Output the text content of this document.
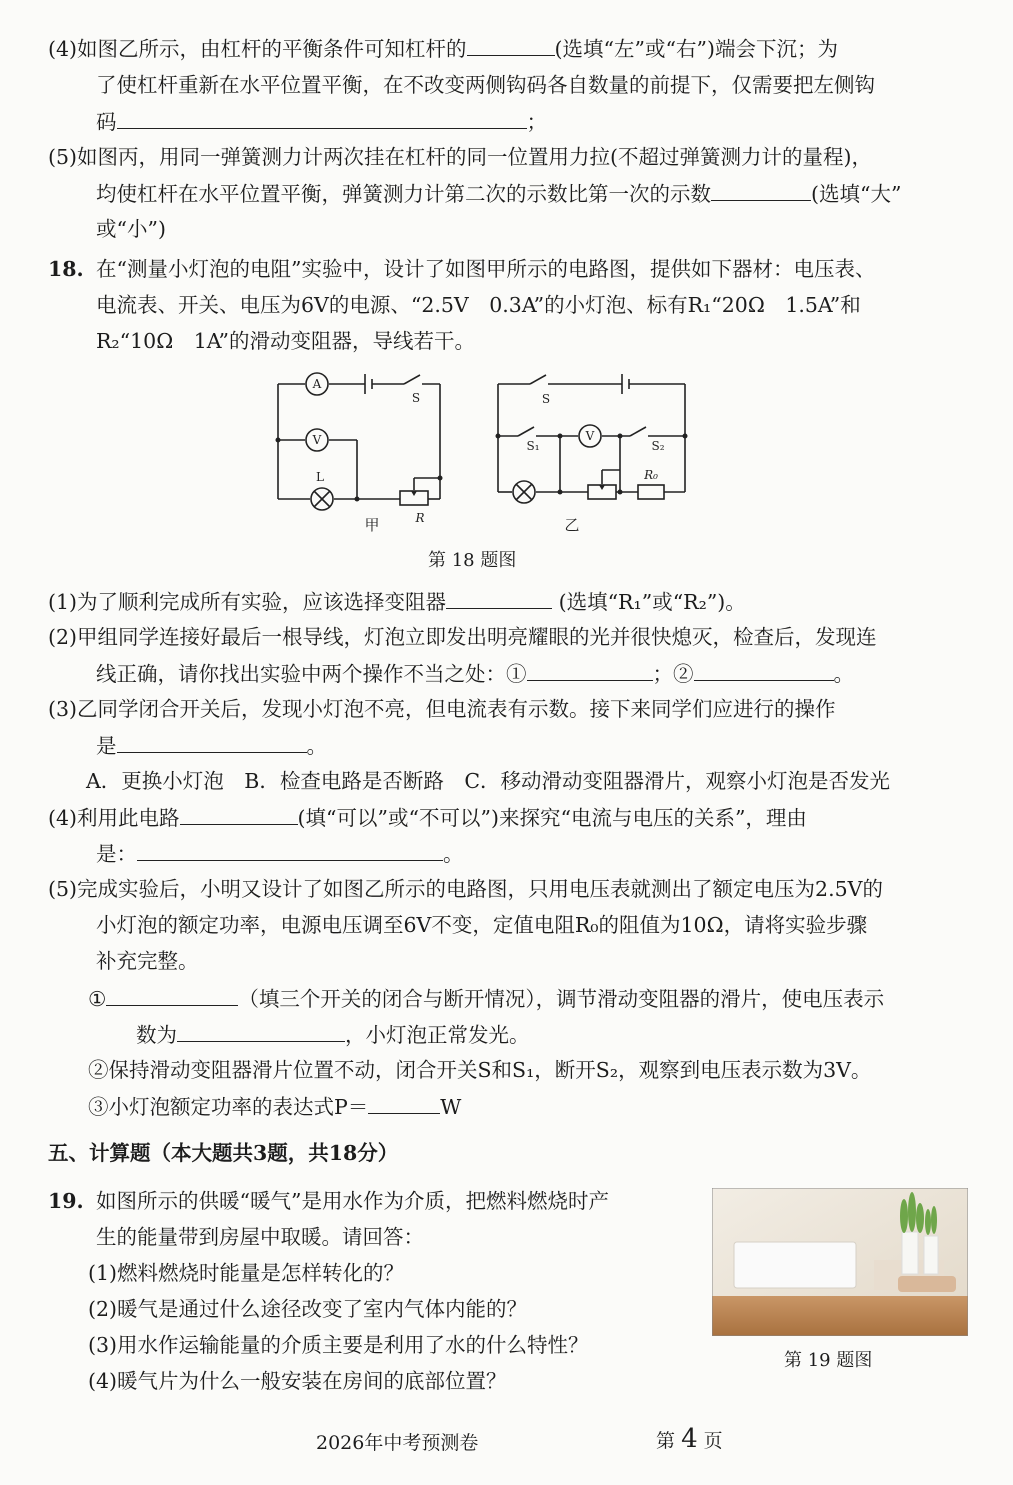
(4)如图乙所示，由杠杆的平衡条件可知杠杆的	(选填“左”或“右”)端会下沉；为
了使杠杆重新在水平位置平衡，在不改变两侧钩码各自数量的前提下，仅需要把左侧钩
码	；
(5)如图丙，用同一弹簧测力计两次挂在杠杆的同一位置用力拉(不超过弹簧测力计的量程)，
均使杠杆在水平位置平衡，弹簧测力计第二次的示数比第一次的示数	(选填“大”
或“小”)
18. 在“测量小灯泡的电阻”实验中，设计了如图甲所示的电路图，提供如下器材：电压表、
电流表、开关、电压为6V的电源、“2.5V　0.3A”的小灯泡、标有R₁“20Ω　1.5A”和
R₂“10Ω　1A”的滑动变阻器，导线若干。
A
V
S
L
R
甲
V
S
S₁	S₂
R₀
乙
第 18 题图
(1)为了顺利完成所有实验，应该选择变阻器	(选填“R₁”或“R₂”)。
(2)甲组同学连接好最后一根导线，灯泡立即发出明亮耀眼的光并很快熄灭，检查后，发现连
线正确，请你找出实验中两个操作不当之处：①	；②	。
(3)乙同学闭合开关后，发现小灯泡不亮，但电流表有示数。接下来同学们应进行的操作
是	。
A．更换小灯泡　B．检查电路是否断路　C．移动滑动变阻器滑片，观察小灯泡是否发光
(4)利用此电路	(填“可以”或“不可以”)来探究“电流与电压的关系”，理由
是：	。
(5)完成实验后，小明又设计了如图乙所示的电路图，只用电压表就测出了额定电压为2.5V的
小灯泡的额定功率，电源电压调至6V不变，定值电阻R₀的阻值为10Ω，请将实验步骤
补充完整。
①	（填三个开关的闭合与断开情况），调节滑动变阻器的滑片，使电压表示
数为	，小灯泡正常发光。
②保持滑动变阻器滑片位置不动，闭合开关S和S₁，断开S₂，观察到电压表示数为3V。
③小灯泡额定功率的表达式P＝	W
五、计算题（本大题共3题，共18分）
19. 如图所示的供暖“暖气”是用水作为介质，把燃料燃烧时产
生的能量带到房屋中取暖。请回答：
(1)燃料燃烧时能量是怎样转化的？
(2)暖气是通过什么途径改变了室内气体内能的？
(3)用水作运输能量的介质主要是利用了水的什么特性？
(4)暖气片为什么一般安装在房间的底部位置？
第 19 题图
2026年中考预测卷	第 4 页
